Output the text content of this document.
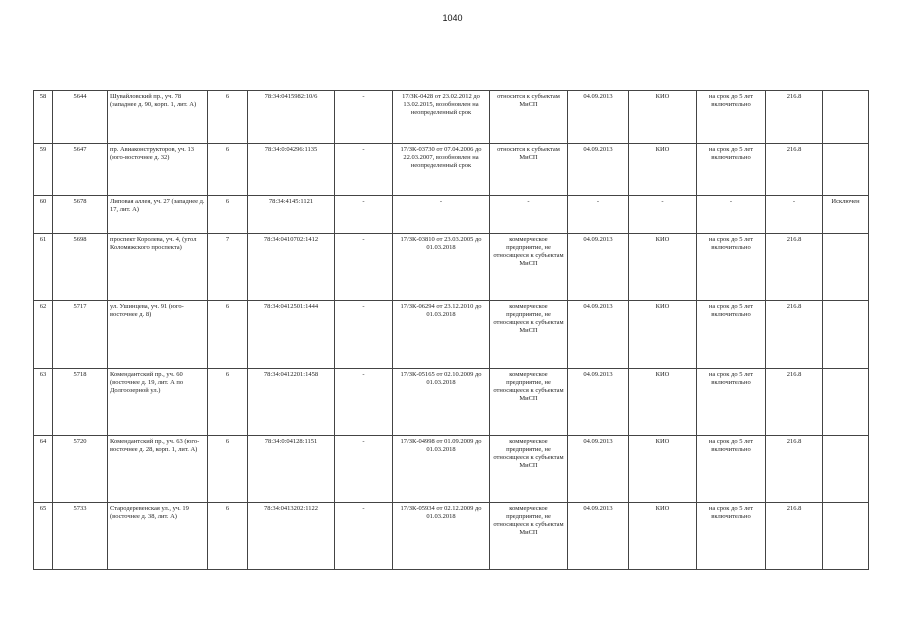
1040
58	5644	Шувайловский пр., уч. 78 (западнее д. 90, корп. 1, лит. А)	6	78:34:0415982:10/6	-	17/ЗК-0428 от 23.02.2012 до 13.02.2015, возобновлен на неопределенный срок	относится к субъектам МиСП	04.09.2013	КИО	на срок до 5 лет включительно	216.8	
59	5647	пр. Авиаконструкторов, уч. 13 (юго-восточнее д. 32)	6	78:34:0:04296:1135	-	17/ЗК-03730 от 07.04.2006 до 22.03.2007, возобновлен на неопределенный срок	относится к субъектам МиСП	04.09.2013	КИО	на срок до 5 лет включительно	216.8	
60	5678	Липовая аллея, уч. 27 (западнее д. 17, лит. А)	6	78:34:4145:1121	-	-	-	-	-	-	-	Исключен
61	5698	проспект Королева, уч. 4, (угол Коломяжского проспекта)	7	78:34:0410702:1412	-	17/ЗК-03810 от 23.03.2005 до 01.03.2018	коммерческое предприятие, не относящееся к субъектам МиСП	04.09.2013	КИО	на срок до 5 лет включительно	216.8	
62	5717	ул. Ушинцева, уч. 91 (юго-восточнее д. 8)	6	78:34:0412501:1444	-	17/ЗК-06294 от 23.12.2010 до 01.03.2018	коммерческое предприятие, не относящееся к субъектам МиСП	04.09.2013	КИО	на срок до 5 лет включительно	216.8	
63	5718	Комендантский пр., уч. 60 (восточнее д. 19, лит. А по Долгоозерной ул.)	6	78:34:0412201:1458	-	17/ЗК-05165 от 02.10.2009 до 01.03.2018	коммерческое предприятие, не относящееся к субъектам МиСП	04.09.2013	КИО	на срок до 5 лет включительно	216.8	
64	5720	Комендантский пр., уч. 63 (юго-восточнее д. 28, корп. 1, лит. А)	6	78:34:0:04128:1151	-	17/ЗК-04998 от 01.09.2009 до 01.03.2018	коммерческое предприятие, не относящееся к субъектам МиСП	04.09.2013	КИО	на срок до 5 лет включительно	216.8	
65	5733	Стародеревенская ул., уч. 19 (восточнее д. 38, лит. А)	6	78:34:0413202:1122	-	17/ЗК-05934 от 02.12.2009 до 01.03.2018	коммерческое предприятие, не относящееся к субъектам МиСП	04.09.2013	КИО	на срок до 5 лет включительно	216.8	
